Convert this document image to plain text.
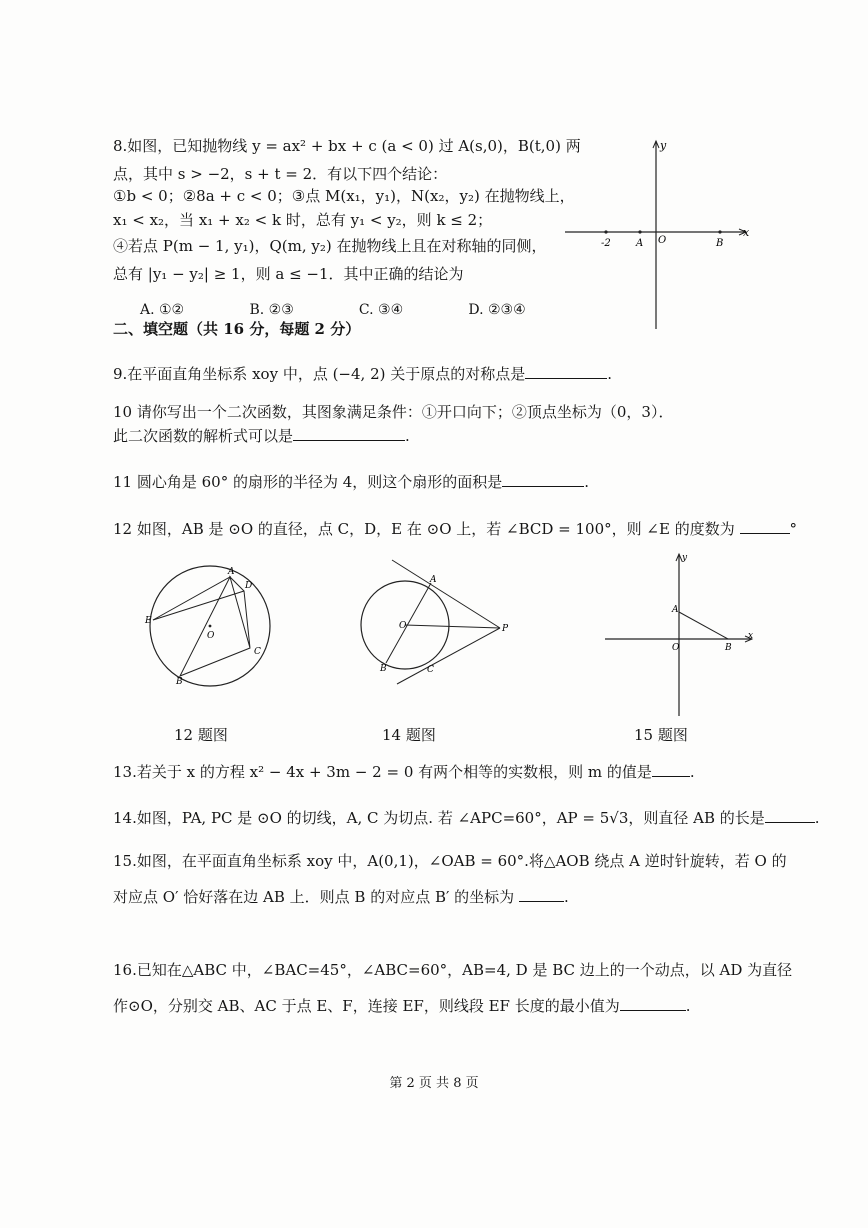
8.如图，已知抛物线 y = ax² + bx + c (a < 0) 过 A(s,0)，B(t,0) 两
点，其中 s > −2，s + t = 2．有以下四个结论：
①b < 0；②8a + c < 0；③点 M(x₁，y₁)，N(x₂，y₂) 在抛物线上，
x₁ < x₂，当 x₁ + x₂ < k 时，总有 y₁ < y₂，则 k ≤ 2；
④若点 P(m − 1, y₁)，Q(m, y₂) 在抛物线上且在对称轴的同侧，
总有 |y₁ − y₂| ≥ 1，则 a ≤ −1．其中正确的结论为
A. ①②	B. ②③	C. ③④	D. ②③④
y
x
-2	A O	B
二、填空题（共 16 分，每题 2 分）
9.在平面直角坐标系 xoy 中，点 (−4, 2) 关于原点的对称点是	.
10 请你写出一个二次函数，其图象满足条件：①开口向下；②顶点坐标为（0，3）．
此二次函数的解析式可以是	.
11 圆心角是 60° 的扇形的半径为 4，则这个扇形的面积是	.
12 如图，AB 是 ⊙O 的直径，点 C，D，E 在 ⊙O 上，若 ∠BCD = 100°，则 ∠E 的度数为	°
A
D
E
O
C
B
A
O	P
B	C
y
A
x
O	B
12 题图	14 题图	15 题图
13.若关于 x 的方程 x² − 4x + 3m − 2 = 0 有两个相等的实数根，则 m 的值是	.
14.如图，PA, PC 是 ⊙O 的切线，A, C 为切点. 若 ∠APC=60°，AP = 5√3，则直径 AB 的长是	.
15.如图，在平面直角坐标系 xoy 中，A(0,1)，∠OAB = 60°.将△AOB 绕点 A 逆时针旋转，若 O 的
对应点 O′ 恰好落在边 AB 上．则点 B 的对应点 B′ 的坐标为	.
16.已知在△ABC 中，∠BAC=45°，∠ABC=60°，AB=4, D 是 BC 边上的一个动点，以 AD 为直径
作⊙O，分别交 AB、AC 于点 E、F，连接 EF，则线段 EF 长度的最小值为	.
第 2 页 共 8 页
